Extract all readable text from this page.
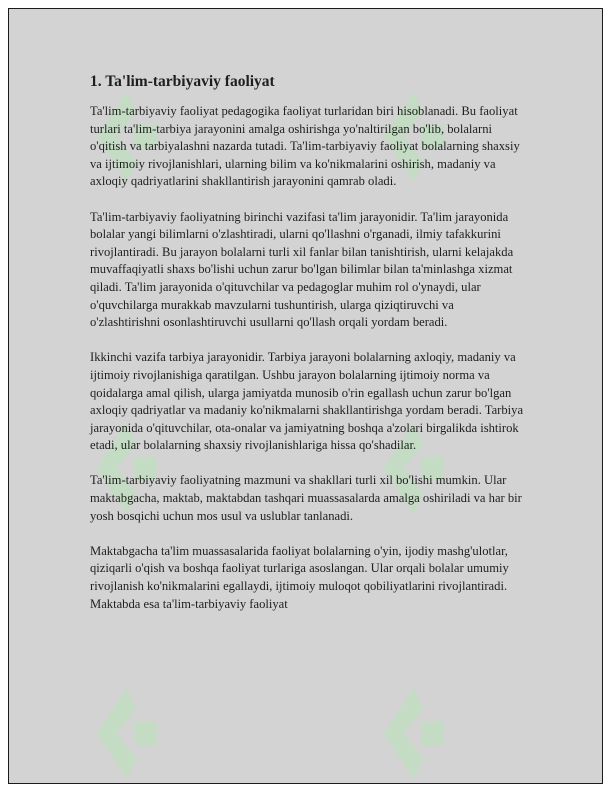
1. Ta'lim-tarbiyaviy faoliyat

Ta'lim-tarbiyaviy faoliyat pedagogika faoliyat turlaridan biri hisoblanadi. Bu faoliyat turlari ta'lim-tarbiya jarayonini amalga oshirishga yo'naltirilgan bo'lib, bolalarni o'qitish va tarbiyalashni nazarda tutadi. Ta'lim-tarbiyaviy faoliyat bolalarning shaxsiy va ijtimoiy rivojlanishlari, ularning bilim va ko'nikmalarini oshirish, madaniy va axloqiy qadriyatlarini shakllantirish jarayonini qamrab oladi.

Ta'lim-tarbiyaviy faoliyatning birinchi vazifasi ta'lim jarayonidir. Ta'lim jarayonida bolalar yangi bilimlarni o'zlashtiradi, ularni qo'llashni o'rganadi, ilmiy tafakkurini rivojlantiradi. Bu jarayon bolalarni turli xil fanlar bilan tanishtirish, ularni kelajakda muvaffaqiyatli shaxs bo'lishi uchun zarur bo'lgan bilimlar bilan ta'minlashga xizmat qiladi. Ta'lim jarayonida o'qituvchilar va pedagoglar muhim rol o'ynaydi, ular o'quvchilarga murakkab mavzularni tushuntirish, ularga qiziqtiruvchi va o'zlashtirishni osonlashtiruvchi usullarni qo'llash orqali yordam beradi.

Ikkinchi vazifa tarbiya jarayonidir. Tarbiya jarayoni bolalarning axloqiy, madaniy va ijtimoiy rivojlanishiga qaratilgan. Ushbu jarayon bolalarning ijtimoiy norma va qoidalarga amal qilish, ularga jamiyatda munosib o'rin egallash uchun zarur bo'lgan axloqiy qadriyatlar va madaniy ko'nikmalarni shakllantirishga yordam beradi. Tarbiya jarayonida o'qituvchilar, ota-onalar va jamiyatning boshqa a'zolari birgalikda ishtirok etadi, ular bolalarning shaxsiy rivojlanishlariga hissa qo'shadilar.

Ta'lim-tarbiyaviy faoliyatning mazmuni va shakllari turli xil bo'lishi mumkin. Ular maktabgacha, maktab, maktabdan tashqari muassasalarda amalga oshiriladi va har bir yosh bosqichi uchun mos usul va uslublar tanlanadi.

Maktabgacha ta'lim muassasalarida faoliyat bolalarning o'yin, ijodiy mashg'ulotlar, qiziqarli o'qish va boshqa faoliyat turlariga asoslangan. Ular orqali bolalar umumiy rivojlanish ko'nikmalarini egallaydi, ijtimoiy muloqot qobiliyatlarini rivojlantiradi. Maktabda esa ta'lim-tarbiyaviy faoliyat
